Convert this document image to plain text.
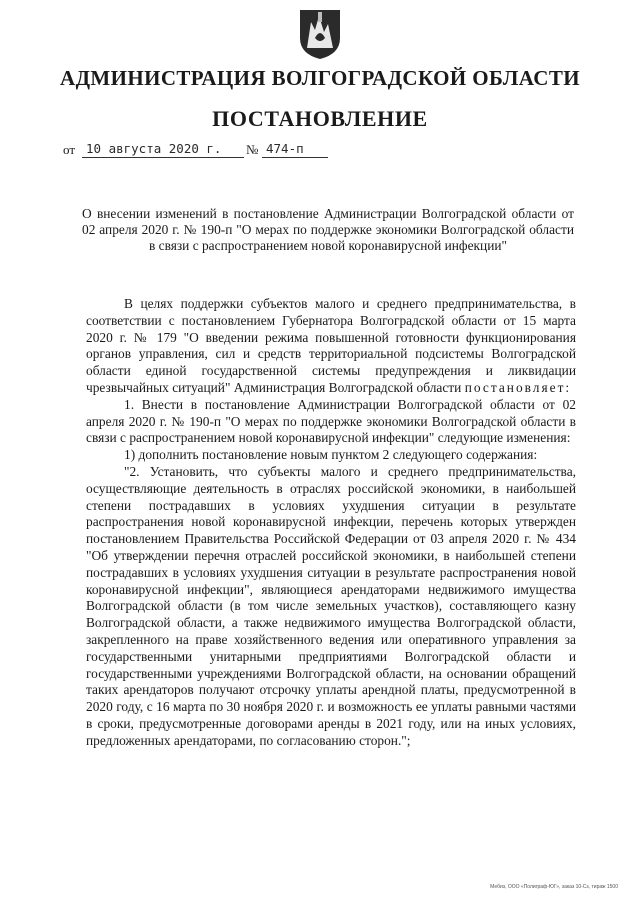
АДМИНИСТРАЦИЯ ВОЛГОГРАДСКОЙ ОБЛАСТИ
ПОСТАНОВЛЕНИЕ
от 10 августа 2020 г.	№ 474-п
О внесении изменений в постановление Администрации Волгоградской области от 02 апреля 2020 г. № 190-п "О мерах по поддержке экономики Волгоградской области в связи с распространением новой коронавирусной инфекции"

В целях поддержки субъектов малого и среднего предпринимательства, в соответствии с постановлением Губернатора Волгоградской области от 15 марта 2020 г. № 179 "О введении режима повышенной готовности функционирования органов управления, сил и средств территориальной подсистемы Волгоградской области единой государственной системы предупреждения и ликвидации чрезвычайных ситуаций" Администрация Волгоградской области постановляет:

1. Внести в постановление Администрации Волгоградской области от 02 апреля 2020 г. № 190-п "О мерах по поддержке экономики Волгоградской области в связи с распространением новой коронавирусной инфекции" следующие изменения:

1) дополнить постановление новым пунктом 2 следующего содержания:

"2. Установить, что субъекты малого и среднего предпринимательства, осуществляющие деятельность в отраслях российской экономики, в наибольшей степени пострадавших в условиях ухудшения ситуации в результате распространения новой коронавирусной инфекции, перечень которых утвержден постановлением Правительства Российской Федерации от 03 апреля 2020 г. № 434 "Об утверждении перечня отраслей российской экономики, в наибольшей степени пострадавших в условиях ухудшения ситуации в результате распространения новой коронавирусной инфекции", являющиеся арендаторами недвижимого имущества Волгоградской области (в том числе земельных участков), составляющего казну Волгоградской области, а также недвижимого имущества Волгоградской области, закрепленного на праве хозяйственного ведения или оперативного управления за государственными унитарными предприятиями Волгоградской области и государственными учреждениями Волгоградской области, на основании обращений таких арендаторов получают отсрочку уплаты арендной платы, предусмотренной в 2020 году, с 16 марта по 30 ноября 2020 г. и возможность ее уплаты равными частями в сроки, предусмотренные договорами аренды в 2021 году, или на иных условиях, предложенных арендаторами, по согласованию сторон.";

Мебиз, ООО «Полиграф-ЮГ», заказ 10-Сз, тираж 1500
